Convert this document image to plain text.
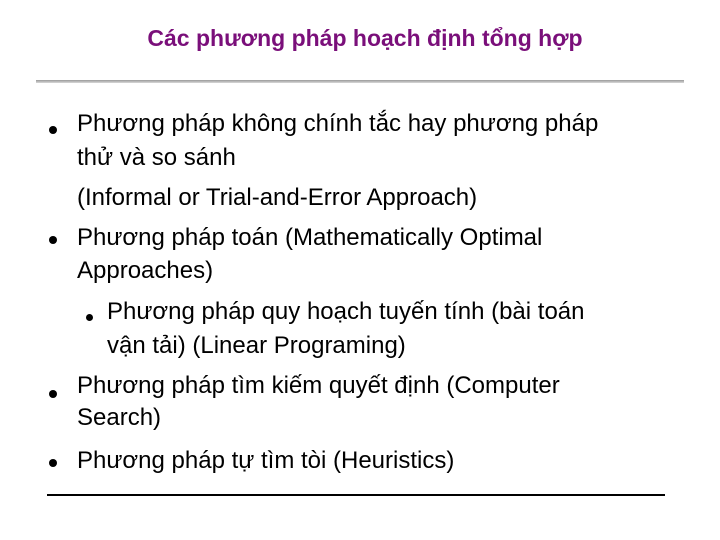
Các phương pháp hoạch định tổng hợp
Phương pháp không chính tắc hay phương pháp
thử và so sánh
(Informal or Trial-and-Error Approach)
Phương pháp toán (Mathematically Optimal
Approaches)
Phương pháp quy hoạch tuyến tính (bài toán
vận tải) (Linear Programing)
Phương pháp tìm kiếm quyết định (Computer
Search)
Phương pháp tự tìm tòi (Heuristics)
